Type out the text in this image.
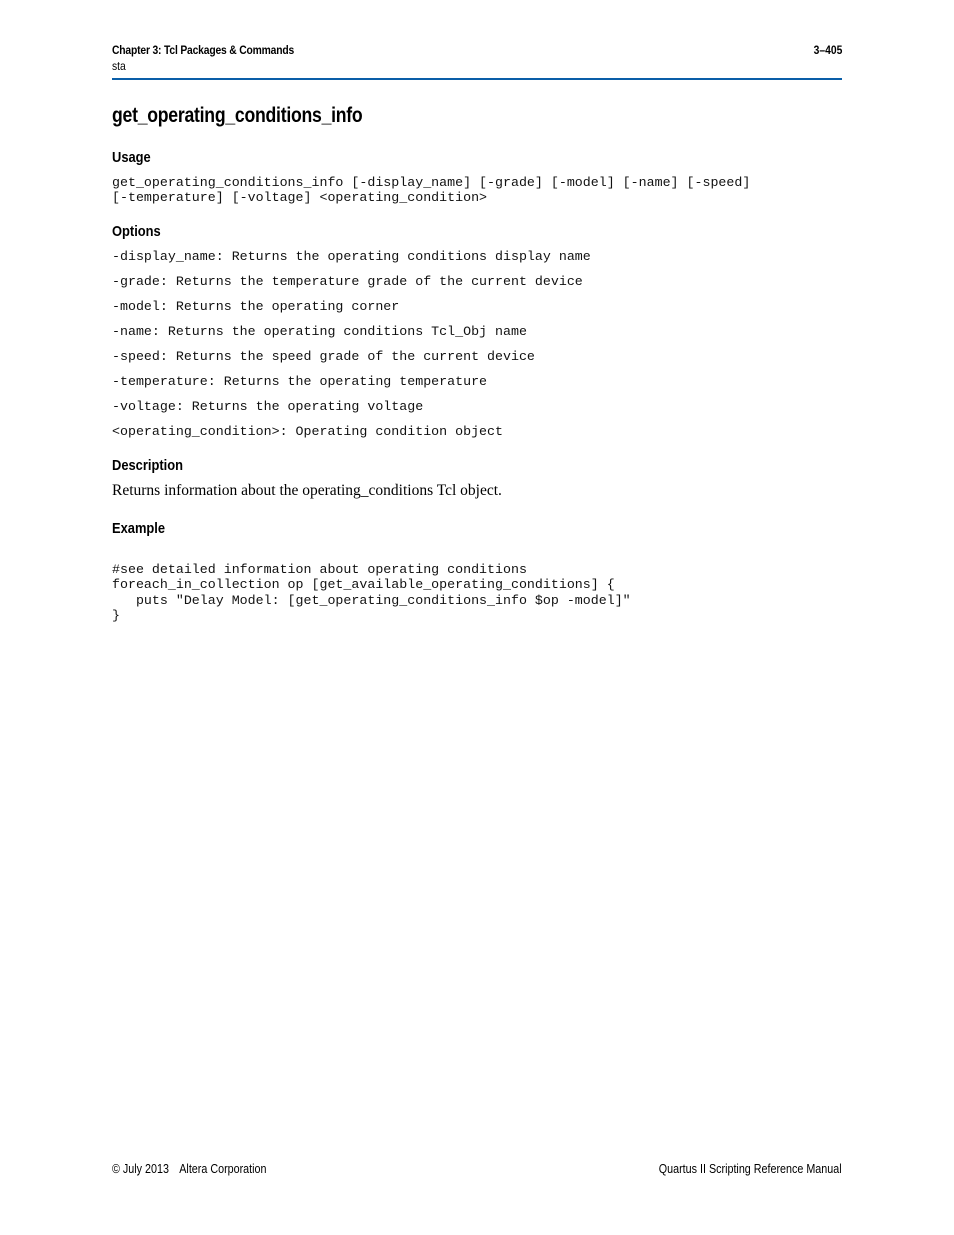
Chapter 3: Tcl Packages & Commands
sta
3–405
get_operating_conditions_info
Usage
get_operating_conditions_info [-display_name] [-grade] [-model] [-name] [-speed]
[-temperature] [-voltage] <operating_condition>
Options
-display_name: Returns the operating conditions display name
-grade: Returns the temperature grade of the current device
-model: Returns the operating corner
-name: Returns the operating conditions Tcl_Obj name
-speed: Returns the speed grade of the current device
-temperature: Returns the operating temperature
-voltage: Returns the operating voltage
<operating_condition>: Operating condition object
Description
Returns information about the operating_conditions Tcl object.
Example
#see detailed information about operating conditions
foreach_in_collection op [get_available_operating_conditions] {
puts "Delay Model: [get_operating_conditions_info $op -model]"
}
© July 2013 Altera Corporation	Quartus II Scripting Reference Manual
